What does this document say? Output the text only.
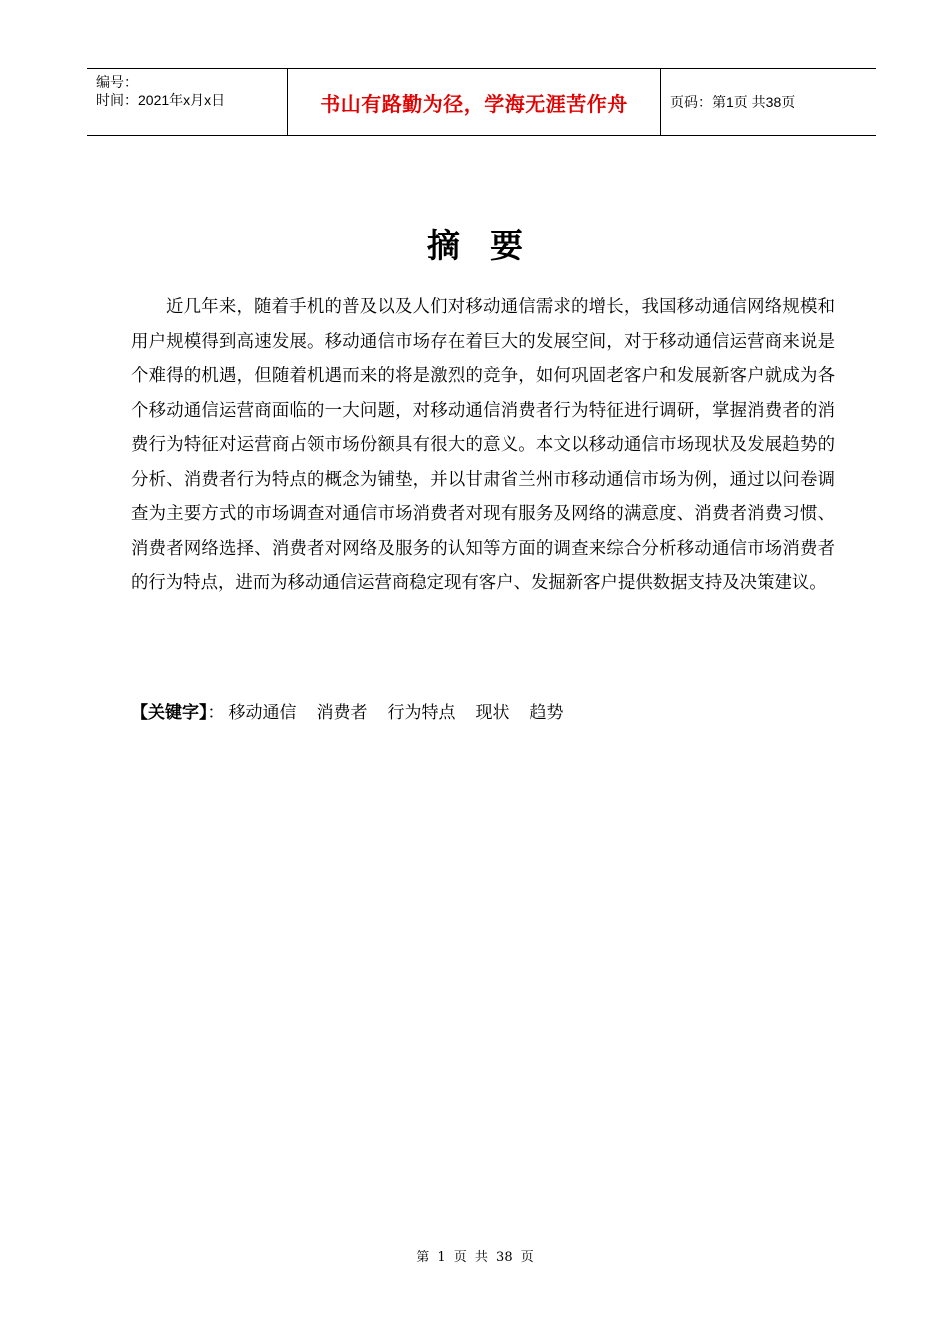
编号：
时间：2021年x月x日	书山有路勤为径，学海无涯苦作舟	页码：第1页 共38页
摘要

近几年来，随着手机的普及以及人们对移动通信需求的增长，我国移动通信网络规模和用户规模得到高速发展。移动通信市场存在着巨大的发展空间，对于移动通信运营商来说是个难得的机遇，但随着机遇而来的将是激烈的竞争，如何巩固老客户和发展新客户就成为各个移动通信运营商面临的一大问题，对移动通信消费者行为特征进行调研，掌握消费者的消费行为特征对运营商占领市场份额具有很大的意义。本文以移动通信市场现状及发展趋势的分析、消费者行为特点的概念为铺垫，并以甘肃省兰州市移动通信市场为例，通过以问卷调查为主要方式的市场调查对通信市场消费者对现有服务及网络的满意度、消费者消费习惯、消费者网络选择、消费者对网络及服务的认知等方面的调查来综合分析移动通信市场消费者的行为特点，进而为移动通信运营商稳定现有客户、发掘新客户提供数据支持及决策建议。

【关键字】： 移动通信 消费者 行为特点 现状 趋势
第 1 页 共 38 页
